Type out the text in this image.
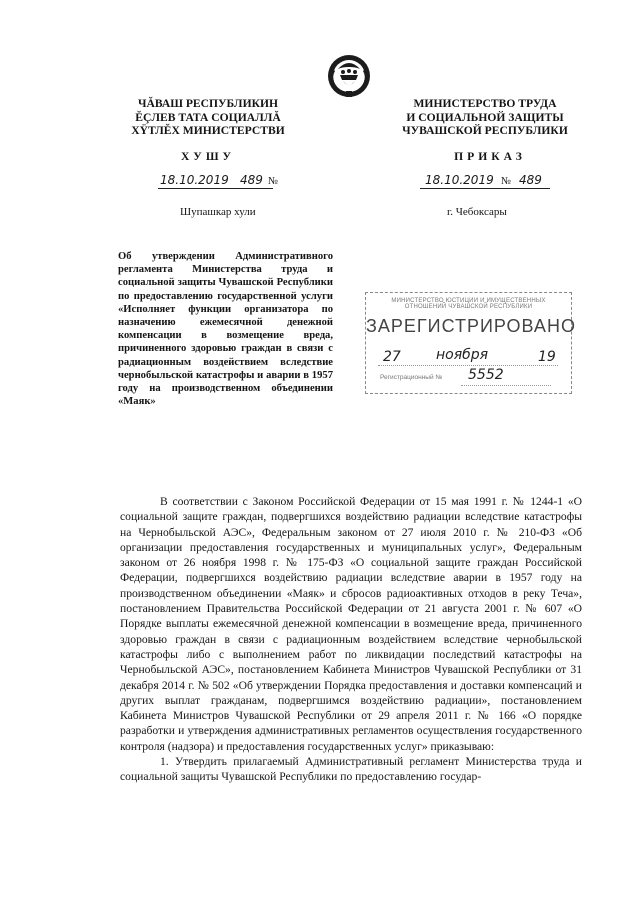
ЧĂВАШ РЕСПУБЛИКИН
ĔÇЛЕВ ТАТА СОЦИАЛЛĂ
ХŸТЛĔХ МИНИСТЕРСТВИ
МИНИСТЕРСТВО ТРУДА
И СОЦИАЛЬНОЙ ЗАЩИТЫ
ЧУВАШСКОЙ РЕСПУБЛИКИ
ХУШУ	ПРИКАЗ
18.10.2019 489 №	18.10.2019 № 489
Шупашкар хули	г. Чебоксары
Об утверждении Административного регламента Министерства труда и социальной защиты Чувашской Республики по предоставлению государственной услуги «Исполняет функции организатора по назначению ежемесячной денежной компенсации в возмещение вреда, причиненного здоровью граждан в связи с радиационным воздействием вследствие чернобыльской катастрофы и аварии в 1957 году на производственном объединении «Маяк»
МИНИСТЕРСТВО ЮСТИЦИИ И ИМУЩЕСТВЕННЫХ
ОТНОШЕНИЙ ЧУВАШСКОЙ РЕСПУБЛИКИ
ЗАРЕГИСТРИРОВАНО
27	ноября	19
Регистрационный № 5552

В соответствии с Законом Российской Федерации от 15 мая 1991 г. № 1244-1 «О социальной защите граждан, подвергшихся воздействию радиации вследствие катастрофы на Чернобыльской АЭС», Федеральным законом от 27 июля 2010 г. № 210-ФЗ «Об организации предоставления государственных и муниципальных услуг», Федеральным законом от 26 ноября 1998 г. № 175-ФЗ «О социальной защите граждан Российской Федерации, подвергшихся воздействию радиации вследствие аварии в 1957 году на производственном объединении «Маяк» и сбросов радиоактивных отходов в реку Теча», постановлением Правительства Российской Федерации от 21 августа 2001 г. № 607 «О Порядке выплаты ежемесячной денежной компенсации в возмещение вреда, причиненного здоровью граждан в связи с радиационным воздействием вследствие чернобыльской катастрофы либо с выполнением работ по ликвидации последствий катастрофы на Чернобыльской АЭС», постановлением Кабинета Министров Чувашской Республики от 31 декабря 2014 г. № 502 «Об утверждении Порядка предоставления и доставки компенсаций и других выплат гражданам, подвергшимся воздействию радиации», постановлением Кабинета Министров Чувашской Республики от 29 апреля 2011 г. № 166 «О порядке разработки и утверждения административных регламентов осуществления государственного контроля (надзора) и предоставления государственных услуг» приказываю:

1. Утвердить прилагаемый Административный регламент Министерства труда и социальной защиты Чувашской Республики по предоставлению государ-
